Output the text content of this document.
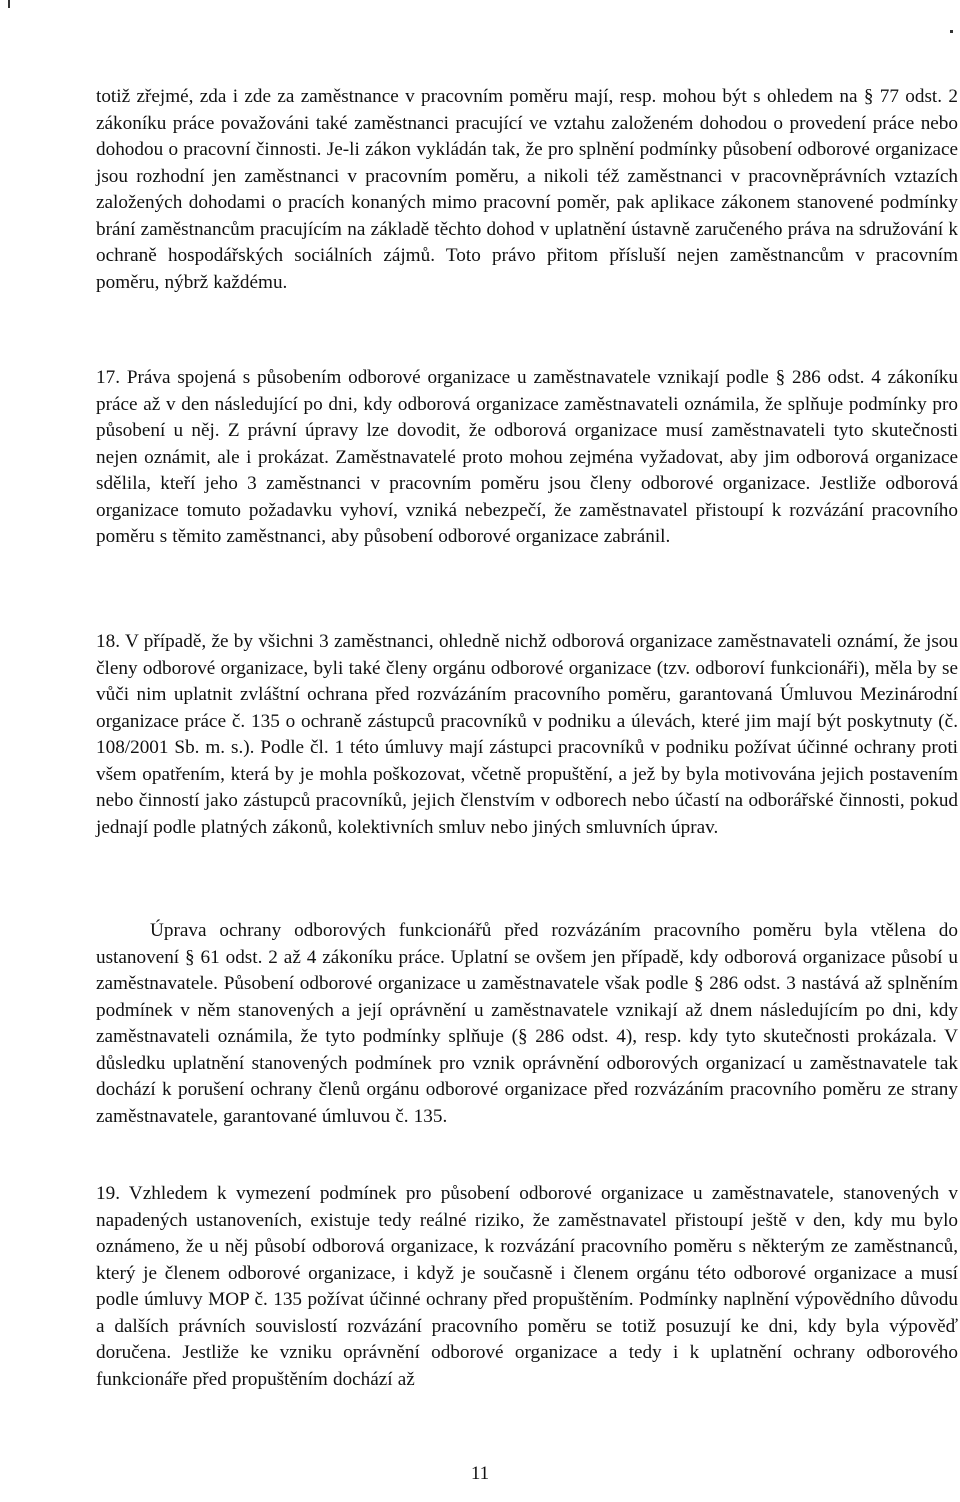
totiž zřejmé, zda i zde za zaměstnance v pracovním poměru mají, resp. mohou být s ohledem na § 77 odst. 2 zákoníku práce považováni také zaměstnanci pracující ve vztahu založeném dohodou o provedení práce nebo dohodou o pracovní činnosti. Je-li zákon vykládán tak, že pro splnění podmínky působení odborové organizace jsou rozhodní jen zaměstnanci v pracovním poměru, a nikoli též zaměstnanci v pracovněprávních vztazích založených dohodami o pracích konaných mimo pracovní poměr, pak aplikace zákonem stanovené podmínky brání zaměstnancům pracujícím na základě těchto dohod v uplatnění ústavně zaručeného práva na sdružování k ochraně hospodářských sociálních zájmů. Toto právo přitom přísluší nejen zaměstnancům v pracovním poměru, nýbrž každému.

17. Práva spojená s působením odborové organizace u zaměstnavatele vznikají podle § 286 odst. 4 zákoníku práce až v den následující po dni, kdy odborová organizace zaměstnavateli oznámila, že splňuje podmínky pro působení u něj. Z právní úpravy lze dovodit, že odborová organizace musí zaměstnavateli tyto skutečnosti nejen oznámit, ale i prokázat. Zaměstnavatelé proto mohou zejména vyžadovat, aby jim odborová organizace sdělila, kteří jeho 3 zaměstnanci v pracovním poměru jsou členy odborové organizace. Jestliže odborová organizace tomuto požadavku vyhoví, vzniká nebezpečí, že zaměstnavatel přistoupí k rozvázání pracovního poměru s těmito zaměstnanci, aby působení odborové organizace zabránil.

18. V případě, že by všichni 3 zaměstnanci, ohledně nichž odborová organizace zaměstnavateli oznámí, že jsou členy odborové organizace, byli také členy orgánu odborové organizace (tzv. odboroví funkcionáři), měla by se vůči nim uplatnit zvláštní ochrana před rozvázáním pracovního poměru, garantovaná Úmluvou Mezinárodní organizace práce č. 135 o ochraně zástupců pracovníků v podniku a úlevách, které jim mají být poskytnuty (č. 108/2001 Sb. m. s.). Podle čl. 1 této úmluvy mají zástupci pracovníků v podniku požívat účinné ochrany proti všem opatřením, která by je mohla poškozovat, včetně propuštění, a jež by byla motivována jejich postavením nebo činností jako zástupců pracovníků, jejich členstvím v odborech nebo účastí na odborářské činnosti, pokud jednají podle platných zákonů, kolektivních smluv nebo jiných smluvních úprav.

Úprava ochrany odborových funkcionářů před rozvázáním pracovního poměru byla vtělena do ustanovení § 61 odst. 2 až 4 zákoníku práce. Uplatní se ovšem jen případě, kdy odborová organizace působí u zaměstnavatele. Působení odborové organizace u zaměstnavatele však podle § 286 odst. 3 nastává až splněním podmínek v něm stanovených a její oprávnění u zaměstnavatele vznikají až dnem následujícím po dni, kdy zaměstnavateli oznámila, že tyto podmínky splňuje (§ 286 odst. 4), resp. kdy tyto skutečnosti prokázala. V důsledku uplatnění stanovených podmínek pro vznik oprávnění odborových organizací u zaměstnavatele tak dochází k porušení ochrany členů orgánu odborové organizace před rozvázáním pracovního poměru ze strany zaměstnavatele, garantované úmluvou č. 135.

19. Vzhledem k vymezení podmínek pro působení odborové organizace u zaměstnavatele, stanovených v napadených ustanoveních, existuje tedy reálné riziko, že zaměstnavatel přistoupí ještě v den, kdy mu bylo oznámeno, že u něj působí odborová organizace, k rozvázání pracovního poměru s některým ze zaměstnanců, který je členem odborové organizace, i když je současně i členem orgánu této odborové organizace a musí podle úmluvy MOP č. 135 požívat účinné ochrany před propuštěním. Podmínky naplnění výpovědního důvodu a dalších právních souvislostí rozvázání pracovního poměru se totiž posuzují ke dni, kdy byla výpověď doručena. Jestliže ke vzniku oprávnění odborové organizace a tedy i k uplatnění ochrany odborového funkcionáře před propuštěním dochází až

11
